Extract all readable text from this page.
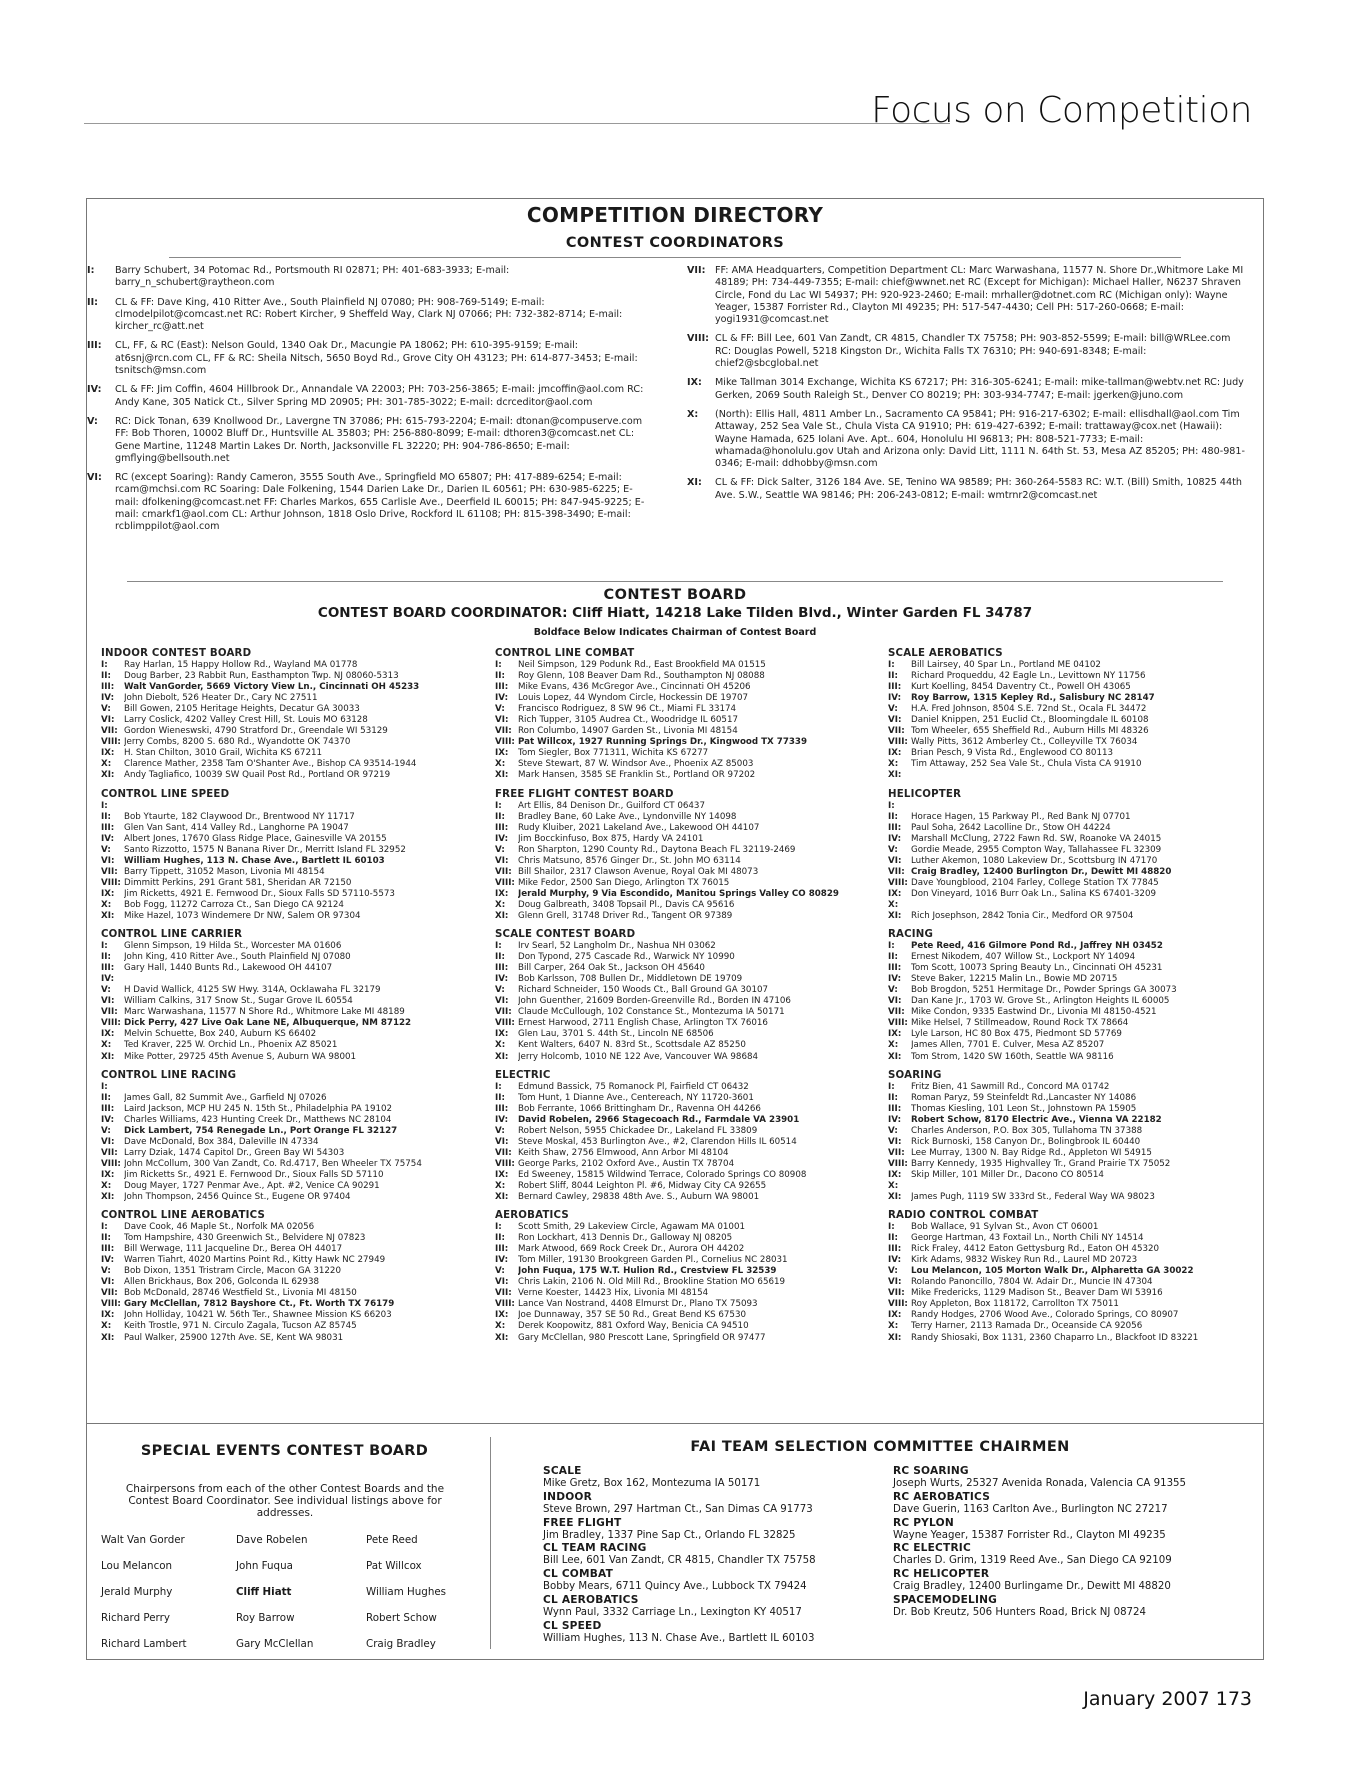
Focus on Competition
COMPETITION DIRECTORY
CONTEST COORDINATORS
I:	Barry Schubert, 34 Potomac Rd., Portsmouth RI 02871; PH: 401-683-3933; E-mail: barry_n_schubert@raytheon.com
II:	CL & FF: Dave King, 410 Ritter Ave., South Plainfield NJ 07080; PH: 908-769-5149; E-mail: clmodelpilot@comcast.net RC: Robert Kircher, 9 Sheffeld Way, Clark NJ 07066; PH: 732-382-8714; E-mail: kircher_rc@att.net
III:	CL, FF, & RC (East): Nelson Gould, 1340 Oak Dr., Macungie PA 18062; PH: 610-395-9159; E-mail: at6snj@rcn.com CL, FF & RC: Sheila Nitsch, 5650 Boyd Rd., Grove City OH 43123; PH: 614-877-3453; E-mail: tsnitsch@msn.com
IV:	CL & FF: Jim Coffin, 4604 Hillbrook Dr., Annandale VA 22003; PH: 703-256-3865; E-mail: jmcoffin@aol.com RC: Andy Kane, 305 Natick Ct., Silver Spring MD 20905; PH: 301-785-3022; E-mail: dcrceditor@aol.com
V:	RC: Dick Tonan, 639 Knollwood Dr., Lavergne TN 37086; PH: 615-793-2204; E-mail: dtonan@compuserve.com FF: Bob Thoren, 10002 Bluff Dr., Huntsville AL 35803; PH: 256-880-8099; E-mail: dthoren3@comcast.net CL: Gene Martine, 11248 Martin Lakes Dr. North, Jacksonville FL 32220; PH: 904-786-8650; E-mail: gmflying@bellsouth.net
VI:	RC (except Soaring): Randy Cameron, 3555 South Ave., Springfield MO 65807; PH: 417-889-6254; E-mail: rcam@mchsi.com RC Soaring: Dale Folkening, 1544 Darien Lake Dr., Darien IL 60561; PH: 630-985-6225; E-mail: dfolkening@comcast.net FF: Charles Markos, 655 Carlisle Ave., Deerfield IL 60015; PH: 847-945-9225; E-mail: cmarkf1@aol.com CL: Arthur Johnson, 1818 Oslo Drive, Rockford IL 61108; PH: 815-398-3490; E-mail: rcblimppilot@aol.com
VII: FF: AMA Headquarters, Competition Department CL: Marc Warwashana, 11577 N. Shore Dr.,Whitmore Lake MI 48189; PH: 734-449-7355; E-mail: chief@wwnet.net RC (Except for Michigan): Michael Haller, N6237 Shraven Circle, Fond du Lac WI 54937; PH: 920-923-2460; E-mail: mrhaller@dotnet.com RC (Michigan only): Wayne Yeager, 15387 Forrister Rd., Clayton MI 49235; PH: 517-547-4430; Cell PH: 517-260-0668; E-mail: yogi1931@comcast.net
VIII: CL & FF: Bill Lee, 601 Van Zandt, CR 4815, Chandler TX 75758; PH: 903-852-5599; E-mail: bill@WRLee.com RC: Douglas Powell, 5218 Kingston Dr., Wichita Falls TX 76310; PH: 940-691-8348; E-mail: chief2@sbcglobal.net
IX:	Mike Tallman 3014 Exchange, Wichita KS 67217; PH: 316-305-6241; E-mail: mike-tallman@webtv.net RC: Judy Gerken, 2069 South Raleigh St., Denver CO 80219; PH: 303-934-7747; E-mail: jgerken@juno.com
X:	(North): Ellis Hall, 4811 Amber Ln., Sacramento CA 95841; PH: 916-217-6302; E-mail: ellisdhall@aol.com Tim Attaway, 252 Sea Vale St., Chula Vista CA 91910; PH: 619-427-6392; E-mail: trattaway@cox.net (Hawaii): Wayne Hamada, 625 Iolani Ave. Apt.. 604, Honolulu HI 96813; PH: 808-521-7733; E-mail: whamada@honolulu.gov Utah and Arizona only: David Litt, 1111 N. 64th St. 53, Mesa AZ 85205; PH: 480-981-0346; E-mail: ddhobby@msn.com
XI:	CL & FF: Dick Salter, 3126 184 Ave. SE, Tenino WA 98589; PH: 360-264-5583 RC: W.T. (Bill) Smith, 10825 44th Ave. S.W., Seattle WA 98146; PH: 206-243-0812; E-mail: wmtrnr2@comcast.net
CONTEST BOARD
CONTEST BOARD COORDINATOR: Cliff Hiatt, 14218 Lake Tilden Blvd., Winter Garden FL 34787
Boldface Below Indicates Chairman of Contest Board
INDOOR CONTEST BOARD
I:	Ray Harlan, 15 Happy Hollow Rd., Wayland MA 01778
II:	Doug Barber, 23 Rabbit Run, Easthampton Twp. NJ 08060-5313
III:	Walt VanGorder, 5669 Victory View Ln., Cincinnati OH 45233
IV:	John Diebolt, 526 Heater Dr., Cary NC 27511
V:	Bill Gowen, 2105 Heritage Heights, Decatur GA 30033
VI:	Larry Coslick, 4202 Valley Crest Hill, St. Louis MO 63128
VII: Gordon Wieneswski, 4790 Stratford Dr., Greendale WI 53129
VIII: Jerry Combs, 8200 S. 680 Rd., Wyandotte OK 74370
IX:	H. Stan Chilton, 3010 Grail, Wichita KS 67211
X:	Clarence Mather, 2358 Tam O'Shanter Ave., Bishop CA 93514-1944
XI:	Andy Tagliafico, 10039 SW Quail Post Rd., Portland OR 97219
CONTROL LINE SPEED
I:
II:	Bob Ytaurte, 182 Claywood Dr., Brentwood NY 11717
III:	Glen Van Sant, 414 Valley Rd., Langhorne PA 19047
IV:	Albert Jones, 17670 Glass Ridge Place, Gainesville VA 20155
V:	Santo Rizzotto, 1575 N Banana River Dr., Merritt Island FL 32952
VI:	William Hughes, 113 N. Chase Ave., Bartlett IL 60103
VII: Barry Tippett, 31052 Mason, Livonia MI 48154
VIII: Dimmitt Perkins, 291 Grant 581, Sheridan AR 72150
IX:	Jim Ricketts, 4921 E. Fernwood Dr., Sioux Falls SD 57110-5573
X:	Bob Fogg, 11272 Carroza Ct., San Diego CA 92124
XI:	Mike Hazel, 1073 Windemere Dr NW, Salem OR 97304
CONTROL LINE CARRIER
I:	Glenn Simpson, 19 Hilda St., Worcester MA 01606
II:	John King, 410 Ritter Ave., South Plainfield NJ 07080
III:	Gary Hall, 1440 Bunts Rd., Lakewood OH 44107
IV:
V:	H David Wallick, 4125 SW Hwy. 314A, Ocklawaha FL 32179
VI:	William Calkins, 317 Snow St., Sugar Grove IL 60554
VII: Marc Warwashana, 11577 N Shore Rd., Whitmore Lake MI 48189
VIII: Dick Perry, 427 Live Oak Lane NE, Albuquerque, NM 87122
IX:	Melvin Schuette, Box 240, Auburn KS 66402
X:	Ted Kraver, 225 W. Orchid Ln., Phoenix AZ 85021
XI:	Mike Potter, 29725 45th Avenue S, Auburn WA 98001
CONTROL LINE RACING
I:
II:	James Gall, 82 Summit Ave., Garfield NJ 07026
III:	Laird Jackson, MCP HU 245 N. 15th St., Philadelphia PA 19102
IV:	Charles Williams, 423 Hunting Creek Dr., Matthews NC 28104
V:	Dick Lambert, 754 Renegade Ln., Port Orange FL 32127
VI:	Dave McDonald, Box 384, Daleville IN 47334
VII: Larry Dziak, 1474 Capitol Dr., Green Bay WI 54303
VIII: John McCollum, 300 Van Zandt, Co. Rd.4717, Ben Wheeler TX 75754
IX:	Jim Ricketts Sr., 4921 E. Fernwood Dr., Sioux Falls SD 57110
X:	Doug Mayer, 1727 Penmar Ave., Apt. #2, Venice CA 90291
XI:	John Thompson, 2456 Quince St., Eugene OR 97404
CONTROL LINE AEROBATICS
I:	Dave Cook, 46 Maple St., Norfolk MA 02056
II:	Tom Hampshire, 430 Greenwich St., Belvidere NJ 07823
III:	Bill Werwage, 111 Jacqueline Dr., Berea OH 44017
IV:	Warren Tiahrt, 4020 Martins Point Rd., Kitty Hawk NC 27949
V:	Bob Dixon, 1351 Tristram Circle, Macon GA 31220
VI:	Allen Brickhaus, Box 206, Golconda IL 62938
VII: Bob McDonald, 28746 Westfield St., Livonia MI 48150
VIII: Gary McClellan, 7812 Bayshore Ct., Ft. Worth TX 76179
IX:	John Holliday, 10421 W. 56th Ter., Shawnee Mission KS 66203
X:	Keith Trostle, 971 N. Circulo Zagala, Tucson AZ 85745
XI:	Paul Walker, 25900 127th Ave. SE, Kent WA 98031
CONTROL LINE COMBAT
I:	Neil Simpson, 129 Podunk Rd., East Brookfield MA 01515
II:	Roy Glenn, 108 Beaver Dam Rd., Southampton NJ 08088
III:	Mike Evans, 436 McGregor Ave., Cincinnati OH 45206
IV:	Louis Lopez, 44 Wyndom Circle, Hockessin DE 19707
V:	Francisco Rodriguez, 8 SW 96 Ct., Miami FL 33174
VI:	Rich Tupper, 3105 Audrea Ct., Woodridge IL 60517
VII: Ron Columbo, 14907 Garden St., Livonia MI 48154
VIII: Pat Willcox, 1927 Running Springs Dr., Kingwood TX 77339
IX:	Tom Siegler, Box 771311, Wichita KS 67277
X:	Steve Stewart, 87 W. Windsor Ave., Phoenix AZ 85003
XI:	Mark Hansen, 3585 SE Franklin St., Portland OR 97202
FREE FLIGHT CONTEST BOARD
I:	Art Ellis, 84 Denison Dr., Guilford CT 06437
II:	Bradley Bane, 60 Lake Ave., Lyndonville NY 14098
III:	Rudy Kluiber, 2021 Lakeland Ave., Lakewood OH 44107
IV:	Jim Bocckinfuso, Box 875, Hardy VA 24101
V:	Ron Sharpton, 1290 County Rd., Daytona Beach FL 32119-2469
VI:	Chris Matsuno, 8576 Ginger Dr., St. John MO 63114
VII: Bill Shailor, 2317 Clawson Avenue, Royal Oak MI 48073
VIII: Mike Fedor, 2500 San Diego, Arlington TX 76015
IX:	Jerald Murphy, 9 Via Escondido, Manitou Springs Valley CO 80829
X:	Doug Galbreath, 3408 Topsail Pl., Davis CA 95616
XI:	Glenn Grell, 31748 Driver Rd., Tangent OR 97389
SCALE CONTEST BOARD
I:	Irv Searl, 52 Langholm Dr., Nashua NH 03062
II:	Don Typond, 275 Cascade Rd., Warwick NY 10990
III:	Bill Carper, 264 Oak St., Jackson OH 45640
IV:	Bob Karlsson, 708 Bullen Dr., Middletown DE 19709
V:	Richard Schneider, 150 Woods Ct., Ball Ground GA 30107
VI:	John Guenther, 21609 Borden-Greenville Rd., Borden IN 47106
VII: Claude McCullough, 102 Constance St., Montezuma IA 50171
VIII: Ernest Harwood, 2711 English Chase, Arlington TX 76016
IX:	Glen Lau, 3701 S. 44th St., Lincoln NE 68506
X:	Kent Walters, 6407 N. 83rd St., Scottsdale AZ 85250
XI:	Jerry Holcomb, 1010 NE 122 Ave, Vancouver WA 98684
ELECTRIC
I:	Edmund Bassick, 75 Romanock Pl, Fairfield CT 06432
II:	Tom Hunt, 1 Dianne Ave., Centereach, NY 11720-3601
III:	Bob Ferrante, 1066 Brittingham Dr., Ravenna OH 44266
IV:	David Robelen, 2966 Stagecoach Rd., Farmdale VA 23901
V:	Robert Nelson, 5955 Chickadee Dr., Lakeland FL 33809
VI:	Steve Moskal, 453 Burlington Ave., #2, Clarendon Hills IL 60514
VII: Keith Shaw, 2756 Elmwood, Ann Arbor MI 48104
VIII: George Parks, 2102 Oxford Ave., Austin TX 78704
IX:	Ed Sweeney, 15815 Wildwind Terrace, Colorado Springs CO 80908
X:	Robert Sliff, 8044 Leighton Pl. #6, Midway City CA 92655
XI:	Bernard Cawley, 29838 48th Ave. S., Auburn WA 98001
AEROBATICS
I:	Scott Smith, 29 Lakeview Circle, Agawam MA 01001
II:	Ron Lockhart, 413 Dennis Dr., Galloway NJ 08205
III:	Mark Atwood, 669 Rock Creek Dr., Aurora OH 44202
IV:	Tom Miller, 19130 Brookgreen Garden Pl., Cornelius NC 28031
V:	John Fuqua, 175 W.T. Hulion Rd., Crestview FL 32539
VI:	Chris Lakin, 2106 N. Old Mill Rd., Brookline Station MO 65619
VII: Verne Koester, 14423 Hix, Livonia MI 48154
VIII: Lance Van Nostrand, 4408 Elmurst Dr., Plano TX 75093
IX:	Joe Dunnaway, 357 SE 50 Rd., Great Bend KS 67530
X:	Derek Koopowitz, 881 Oxford Way, Benicia CA 94510
XI:	Gary McClellan, 980 Prescott Lane, Springfield OR 97477
SCALE AEROBATICS
I:	Bill Lairsey, 40 Spar Ln., Portland ME 04102
II:	Richard Proqueddu, 42 Eagle Ln., Levittown NY 11756
III:	Kurt Koelling, 8454 Daventry Ct., Powell OH 43065
IV:	Roy Barrow, 1315 Kepley Rd., Salisbury NC 28147
V:	H.A. Fred Johnson, 8504 S.E. 72nd St., Ocala FL 34472
VI:	Daniel Knippen, 251 Euclid Ct., Bloomingdale IL 60108
VII: Tom Wheeler, 655 Sheffield Rd., Auburn Hills MI 48326
VIII: Wally Pitts, 3612 Amberley Ct., Colleyville TX 76034
IX:	Brian Pesch, 9 Vista Rd., Englewood CO 80113
X:	Tim Attaway, 252 Sea Vale St., Chula Vista CA 91910
XI:
HELICOPTER
I:
II:	Horace Hagen, 15 Parkway Pl., Red Bank NJ 07701
III:	Paul Soha, 2642 Lacolline Dr., Stow OH 44224
IV:	Marshall McClung, 2722 Fawn Rd. SW, Roanoke VA 24015
V:	Gordie Meade, 2955 Compton Way, Tallahassee FL 32309
VI:	Luther Akemon, 1080 Lakeview Dr., Scottsburg IN 47170
VII: Craig Bradley, 12400 Burlington Dr., Dewitt MI 48820
VIII: Dave Youngblood, 2104 Farley, College Station TX 77845
IX:	Don Vineyard, 1016 Burr Oak Ln., Salina KS 67401-3209
X:
XI:	Rich Josephson, 2842 Tonia Cir., Medford OR 97504
RACING
I:	Pete Reed, 416 Gilmore Pond Rd., Jaffrey NH 03452
II:	Ernest Nikodem, 407 Willow St., Lockport NY 14094
III:	Tom Scott, 10073 Spring Beauty Ln., Cincinnati OH 45231
IV:	Steve Baker, 12215 Malin Ln., Bowie MD 20715
V:	Bob Brogdon, 5251 Hermitage Dr., Powder Springs GA 30073
VI:	Dan Kane Jr., 1703 W. Grove St., Arlington Heights IL 60005
VII: Mike Condon, 9335 Eastwind Dr., Livonia MI 48150-4521
VIII: Mike Helsel, 7 Stillmeadow, Round Rock TX 78664
IX:	Lyle Larson, HC 80 Box 475, Piedmont SD 57769
X:	James Allen, 7701 E. Culver, Mesa AZ 85207
XI:	Tom Strom, 1420 SW 160th, Seattle WA 98116
SOARING
I:	Fritz Bien, 41 Sawmill Rd., Concord MA 01742
II:	Roman Paryz, 59 Steinfeldt Rd.,Lancaster NY 14086
III:	Thomas Kiesling, 101 Leon St., Johnstown PA 15905
IV:	Robert Schow, 8170 Electric Ave., Vienna VA 22182
V:	Charles Anderson, P.O. Box 305, Tullahoma TN 37388
VI:	Rick Burnoski, 158 Canyon Dr., Bolingbrook IL 60440
VII: Lee Murray, 1300 N. Bay Ridge Rd., Appleton WI 54915
VIII: Barry Kennedy, 1935 Highvalley Tr., Grand Prairie TX 75052
IX:	Skip Miller, 101 Miller Dr., Dacono CO 80514
X:
XI:	James Pugh, 1119 SW 333rd St., Federal Way WA 98023
RADIO CONTROL COMBAT
I:	Bob Wallace, 91 Sylvan St., Avon CT 06001
II:	George Hartman, 43 Foxtail Ln., North Chili NY 14514
III:	Rick Fraley, 4412 Eaton Gettysburg Rd., Eaton OH 45320
IV:	Kirk Adams, 9832 Wiskey Run Rd., Laurel MD 20723
V:	Lou Melancon, 105 Morton Walk Dr., Alpharetta GA 30022
VI:	Rolando Panoncillo, 7804 W. Adair Dr., Muncie IN 47304
VII: Mike Fredericks, 1129 Madison St., Beaver Dam WI 53916
VIII: Roy Appleton, Box 118172, Carrollton TX 75011
IX:	Randy Hodges, 2706 Wood Ave., Colorado Springs, CO 80907
X:	Terry Harner, 2113 Ramada Dr., Oceanside CA 92056
XI:	Randy Shiosaki, Box 1131, 2360 Chaparro Ln., Blackfoot ID 83221
SPECIAL EVENTS CONTEST BOARD
Chairpersons from each of the other Contest Boards and the Contest Board Coordinator. See individual listings above for addresses.
Walt Van Gorder	Dave Robelen	Pete Reed
Lou Melancon	John Fuqua	Pat Willcox
Jerald Murphy	Cliff Hiatt	William Hughes
Richard Perry	Roy Barrow	Robert Schow
Richard Lambert	Gary McClellan	Craig Bradley
FAI TEAM SELECTION COMMITTEE CHAIRMEN
SCALE
Mike Gretz, Box 162, Montezuma IA 50171
INDOOR
Steve Brown, 297 Hartman Ct., San Dimas CA 91773
FREE FLIGHT
Jim Bradley, 1337 Pine Sap Ct., Orlando FL 32825
CL TEAM RACING
Bill Lee, 601 Van Zandt, CR 4815, Chandler TX 75758
CL COMBAT
Bobby Mears, 6711 Quincy Ave., Lubbock TX 79424
CL AEROBATICS
Wynn Paul, 3332 Carriage Ln., Lexington KY 40517
CL SPEED
William Hughes, 113 N. Chase Ave., Bartlett IL 60103
RC SOARING
Joseph Wurts, 25327 Avenida Ronada, Valencia CA 91355
RC AEROBATICS
Dave Guerin, 1163 Carlton Ave., Burlington NC 27217
RC PYLON
Wayne Yeager, 15387 Forrister Rd., Clayton MI 49235
RC ELECTRIC
Charles D. Grim, 1319 Reed Ave., San Diego CA 92109
RC HELICOPTER
Craig Bradley, 12400 Burlingame Dr., Dewitt MI 48820
SPACEMODELING
Dr. Bob Kreutz, 506 Hunters Road, Brick NJ 08724
January 2007 173
